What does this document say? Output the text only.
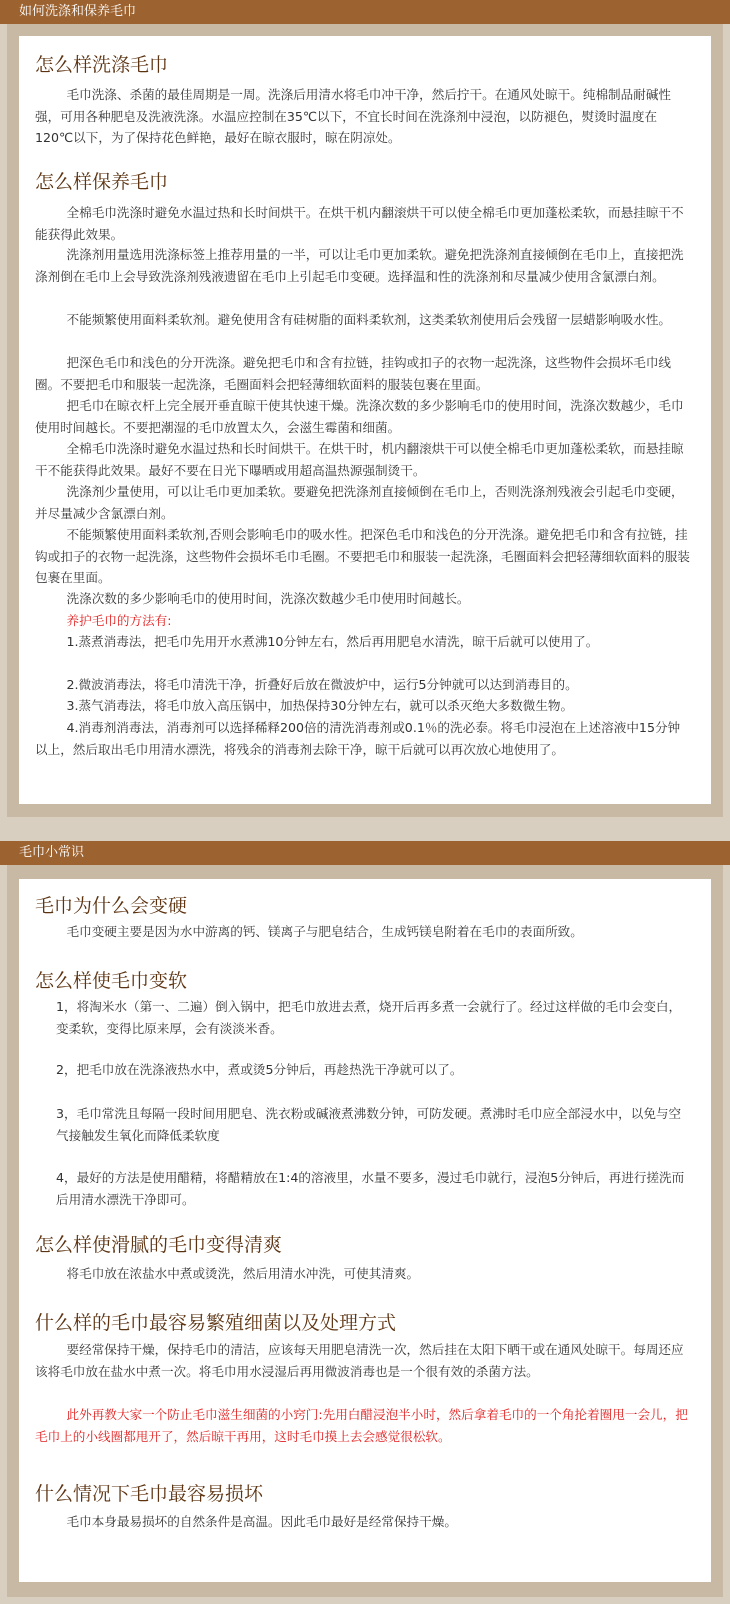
如何洗涤和保养毛巾
怎么样洗涤毛巾

毛巾洗涤、杀菌的最佳周期是一周。洗涤后用清水将毛巾冲干净，然后拧干。在通风处晾干。纯棉制品耐碱性强，可用各种肥皂及洗液洗涤。水温应控制在35℃以下，不宜长时间在洗涤剂中浸泡，以防褪色，熨烫时温度在120℃以下，为了保持花色鲜艳，最好在晾衣服时，晾在阴凉处。

怎么样保养毛巾

全棉毛巾洗涤时避免水温过热和长时间烘干。在烘干机内翻滚烘干可以使全棉毛巾更加蓬松柔软，而悬挂晾干不能获得此效果。

洗涤剂用量选用洗涤标签上推荐用量的一半，可以让毛巾更加柔软。避免把洗涤剂直接倾倒在毛巾上，直接把洗涤剂倒在毛巾上会导致洗涤剂残液遗留在毛巾上引起毛巾变硬。选择温和性的洗涤剂和尽量减少使用含氯漂白剂。

不能频繁使用面料柔软剂。避免使用含有硅树脂的面料柔软剂，这类柔软剂使用后会残留一层蜡影响吸水性。

把深色毛巾和浅色的分开洗涤。避免把毛巾和含有拉链，挂钩或扣子的衣物一起洗涤，这些物件会损坏毛巾线圈。不要把毛巾和服装一起洗涤，毛圈面料会把轻薄细软面料的服装包裹在里面。

把毛巾在晾衣杆上完全展开垂直晾干使其快速干燥。洗涤次数的多少影响毛巾的使用时间，洗涤次数越少，毛巾使用时间越长。不要把潮湿的毛巾放置太久，会滋生霉菌和细菌。

全棉毛巾洗涤时避免水温过热和长时间烘干。在烘干时，机内翻滚烘干可以使全棉毛巾更加蓬松柔软，而悬挂晾干不能获得此效果。最好不要在日光下曝晒或用超高温热源强制烫干。

洗涤剂少量使用，可以让毛巾更加柔软。要避免把洗涤剂直接倾倒在毛巾上，否则洗涤剂残液会引起毛巾变硬，并尽量减少含氯漂白剂。

不能频繁使用面料柔软剂,否则会影响毛巾的吸水性。把深色毛巾和浅色的分开洗涤。避免把毛巾和含有拉链，挂钩或扣子的衣物一起洗涤，这些物件会损坏毛巾毛圈。不要把毛巾和服装一起洗涤，毛圈面料会把轻薄细软面料的服装包裹在里面。

洗涤次数的多少影响毛巾的使用时间，洗涤次数越少毛巾使用时间越长。

养护毛巾的方法有:

1.蒸煮消毒法，把毛巾先用开水煮沸10分钟左右，然后再用肥皂水清洗，晾干后就可以使用了。

2.微波消毒法，将毛巾清洗干净，折叠好后放在微波炉中，运行5分钟就可以达到消毒目的。

3.蒸气消毒法，将毛巾放入高压锅中，加热保持30分钟左右，就可以杀灭绝大多数微生物。

4.消毒剂消毒法，消毒剂可以选择稀释200倍的清洗消毒剂或0.1％的洗必泰。将毛巾浸泡在上述溶液中15分钟以上，然后取出毛巾用清水漂洗，将残余的消毒剂去除干净，晾干后就可以再次放心地使用了。

毛巾小常识
毛巾为什么会变硬

毛巾变硬主要是因为水中游离的钙、镁离子与肥皂结合，生成钙镁皂附着在毛巾的表面所致。

怎么样使毛巾变软

1，将淘米水（第一、二遍）倒入锅中，把毛巾放进去煮，烧开后再多煮一会就行了。经过这样做的毛巾会变白，变柔软，变得比原来厚，会有淡淡米香。

2，把毛巾放在洗涤液热水中，煮或烫5分钟后，再趁热洗干净就可以了。

3，毛巾常洗且每隔一段时间用肥皂、洗衣粉或碱液煮沸数分钟，可防发硬。煮沸时毛巾应全部浸水中，以免与空气接触发生氧化而降低柔软度

4，最好的方法是使用醋精，将醋精放在1:4的溶液里，水量不要多，漫过毛巾就行，浸泡5分钟后，再进行搓洗而后用清水漂洗干净即可。

怎么样使滑腻的毛巾变得清爽

将毛巾放在浓盐水中煮或烫洗，然后用清水冲洗，可使其清爽。

什么样的毛巾最容易繁殖细菌以及处理方式

要经常保持干燥，保持毛巾的清洁，应该每天用肥皂清洗一次，然后挂在太阳下晒干或在通风处晾干。每周还应该将毛巾放在盐水中煮一次。将毛巾用水浸湿后再用微波消毒也是一个很有效的杀菌方法。

此外再教大家一个防止毛巾滋生细菌的小窍门:先用白醋浸泡半小时，然后拿着毛巾的一个角抡着圈甩一会儿，把毛巾上的小线圈都甩开了，然后晾干再用，这时毛巾摸上去会感觉很松软。

什么情况下毛巾最容易损坏

毛巾本身最易损坏的自然条件是高温。因此毛巾最好是经常保持干燥。
